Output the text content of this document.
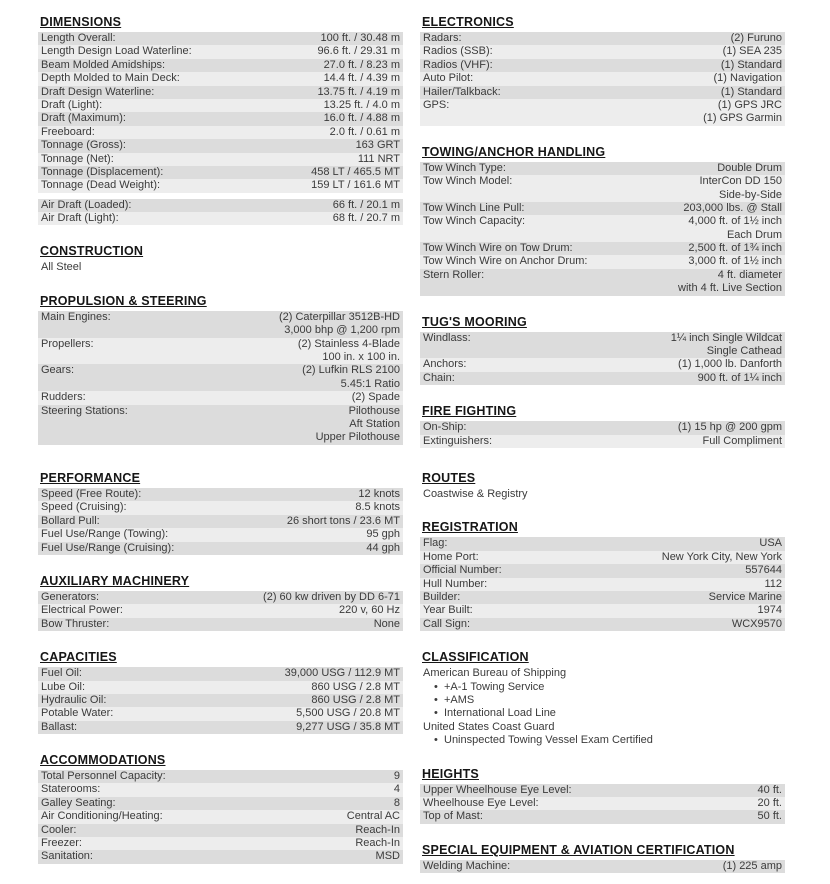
DIMENSIONS
Length Overall:	100 ft. / 30.48 m
Length Design Load Waterline:	96.6 ft. / 29.31 m
Beam Molded Amidships:	27.0 ft. / 8.23 m
Depth Molded to Main Deck:	14.4 ft. / 4.39 m
Draft Design Waterline:	13.75 ft. / 4.19 m
Draft (Light):	13.25 ft. / 4.0 m
Draft (Maximum):	16.0 ft. / 4.88 m
Freeboard:	2.0 ft. / 0.61 m
Tonnage (Gross):	163 GRT
Tonnage (Net):	111 NRT
Tonnage (Displacement):	458 LT / 465.5 MT
Tonnage (Dead Weight):	159 LT / 161.6 MT
Air Draft (Loaded):	66 ft. / 20.1 m
Air Draft (Light):	68 ft. / 20.7 m
CONSTRUCTION
All Steel
PROPULSION & STEERING
Main Engines:	(2) Caterpillar 3512B-HD
3,000 bhp @ 1,200 rpm
Propellers:	(2) Stainless 4-Blade
100 in. x 100 in.
Gears:	(2) Lufkin RLS 2100
5.45:1 Ratio
Rudders:	(2) Spade
Steering Stations:	Pilothouse
Aft Station
Upper Pilothouse
ELECTRONICS
Radars:	(2) Furuno
Radios (SSB):	(1) SEA 235
Radios (VHF):	(1) Standard
Auto Pilot:	(1) Navigation
Hailer/Talkback:	(1) Standard
GPS:	(1) GPS JRC
(1) GPS Garmin
TOWING/ANCHOR HANDLING
Tow Winch Type:	Double Drum
Tow Winch Model:	InterCon DD 150
Side-by-Side
Tow Winch Line Pull:	203,000 lbs. @ Stall
Tow Winch Capacity:	4,000 ft. of 1½ inch
Each Drum
Tow Winch Wire on Tow Drum:	2,500 ft. of 1¾ inch
Tow Winch Wire on Anchor Drum:	3,000 ft. of 1½ inch
Stern Roller:	4 ft. diameter
with 4 ft. Live Section
TUG'S MOORING
Windlass:	1¼ inch Single Wildcat
Single Cathead
Anchors:	(1) 1,000 lb. Danforth
Chain:	900 ft. of 1¼ inch
FIRE FIGHTING
On-Ship:	(1) 15 hp @ 200 gpm
Extinguishers:	Full Compliment
PERFORMANCE
Speed (Free Route):	12 knots
Speed (Cruising):	8.5 knots
Bollard Pull:	26 short tons / 23.6 MT
Fuel Use/Range (Towing):	95 gph
Fuel Use/Range (Cruising):	44 gph
AUXILIARY MACHINERY
Generators:	(2) 60 kw driven by DD 6-71
Electrical Power:	220 v, 60 Hz
Bow Thruster:	None
CAPACITIES
Fuel Oil:	39,000 USG / 112.9 MT
Lube Oil:	860 USG / 2.8 MT
Hydraulic Oil:	860 USG / 2.8 MT
Potable Water:	5,500 USG / 20.8 MT
Ballast:	9,277 USG / 35.8 MT
ACCOMMODATIONS
Total Personnel Capacity:	9
Staterooms:	4
Galley Seating:	8
Air Conditioning/Heating:	Central AC
Cooler:	Reach-In
Freezer:	Reach-In
Sanitation:	MSD
ROUTES
Coastwise & Registry
REGISTRATION
Flag:	USA
Home Port:	New York City, New York
Official Number:	557644
Hull Number:	112
Builder:	Service Marine
Year Built:	1974
Call Sign:	WCX9570
CLASSIFICATION
American Bureau of Shipping
• +A-1 Towing Service
• +AMS
• International Load Line
United States Coast Guard
• Uninspected Towing Vessel Exam Certified
HEIGHTS
Upper Wheelhouse Eye Level:	40 ft.
Wheelhouse Eye Level:	20 ft.
Top of Mast:	50 ft.
SPECIAL EQUIPMENT & AVIATION CERTIFICATION
Welding Machine:	(1) 225 amp
